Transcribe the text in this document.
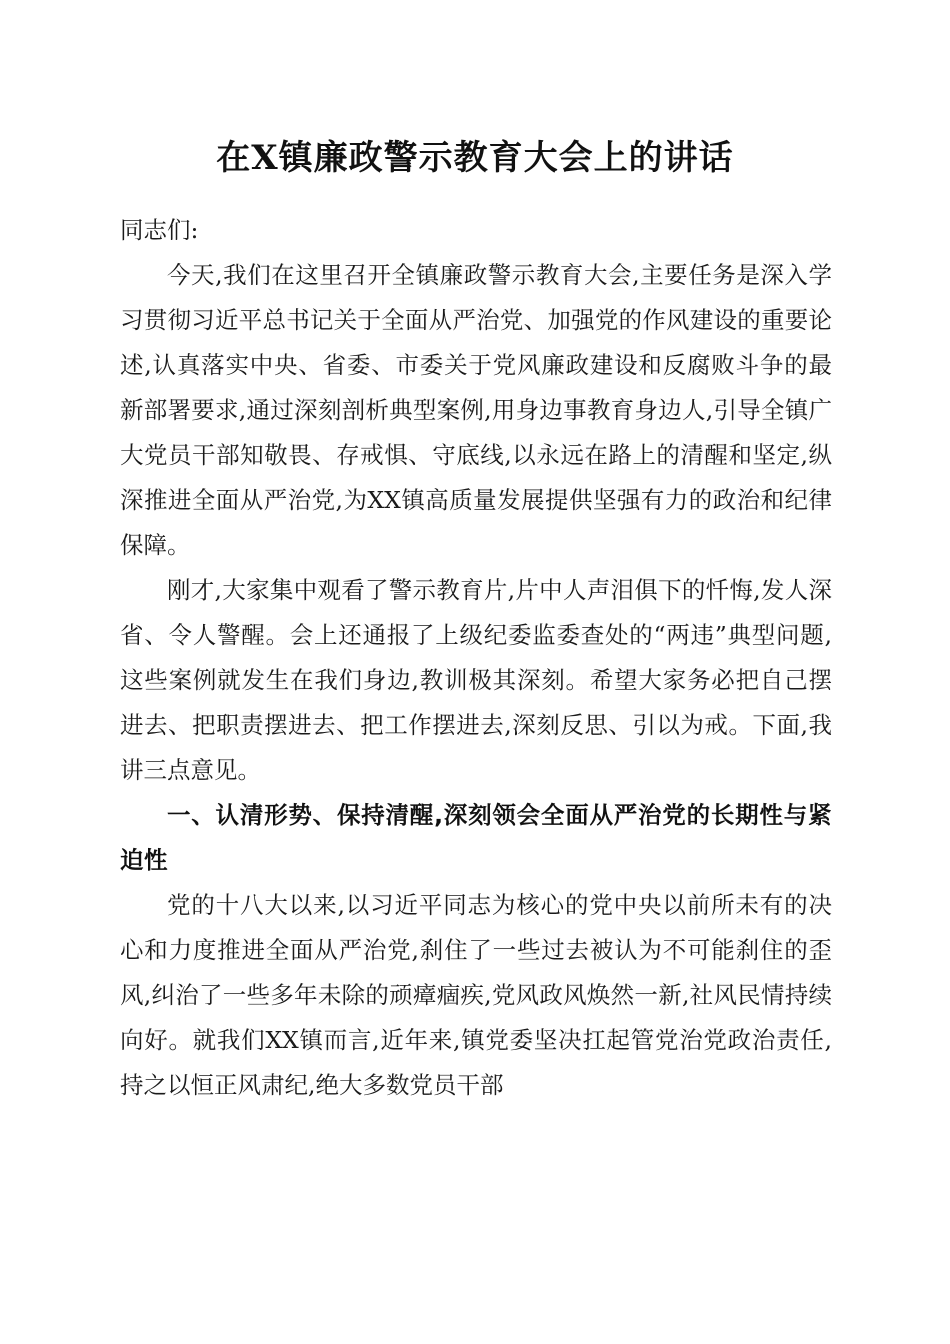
在X镇廉政警示教育大会上的讲话

同志们:

今天,我们在这里召开全镇廉政警示教育大会,主要任务是深入学习贯彻习近平总书记关于全面从严治党、加强党的作风建设的重要论述,认真落实中央、省委、市委关于党风廉政建设和反腐败斗争的最新部署要求,通过深刻剖析典型案例,用身边事教育身边人,引导全镇广大党员干部知敬畏、存戒惧、守底线,以永远在路上的清醒和坚定,纵深推进全面从严治党,为XX镇高质量发展提供坚强有力的政治和纪律保障。

刚才,大家集中观看了警示教育片,片中人声泪俱下的忏悔,发人深省、令人警醒。会上还通报了上级纪委监委查处的“两违”典型问题,这些案例就发生在我们身边,教训极其深刻。希望大家务必把自己摆进去、把职责摆进去、把工作摆进去,深刻反思、引以为戒。下面,我讲三点意见。

一、认清形势、保持清醒,深刻领会全面从严治党的长期性与紧迫性

党的十八大以来,以习近平同志为核心的党中央以前所未有的决心和力度推进全面从严治党,刹住了一些过去被认为不可能刹住的歪风,纠治了一些多年未除的顽瘴痼疾,党风政风焕然一新,社风民情持续向好。就我们XX镇而言,近年来,镇党委坚决扛起管党治党政治责任,持之以恒正风肃纪,绝大多数党员干部
